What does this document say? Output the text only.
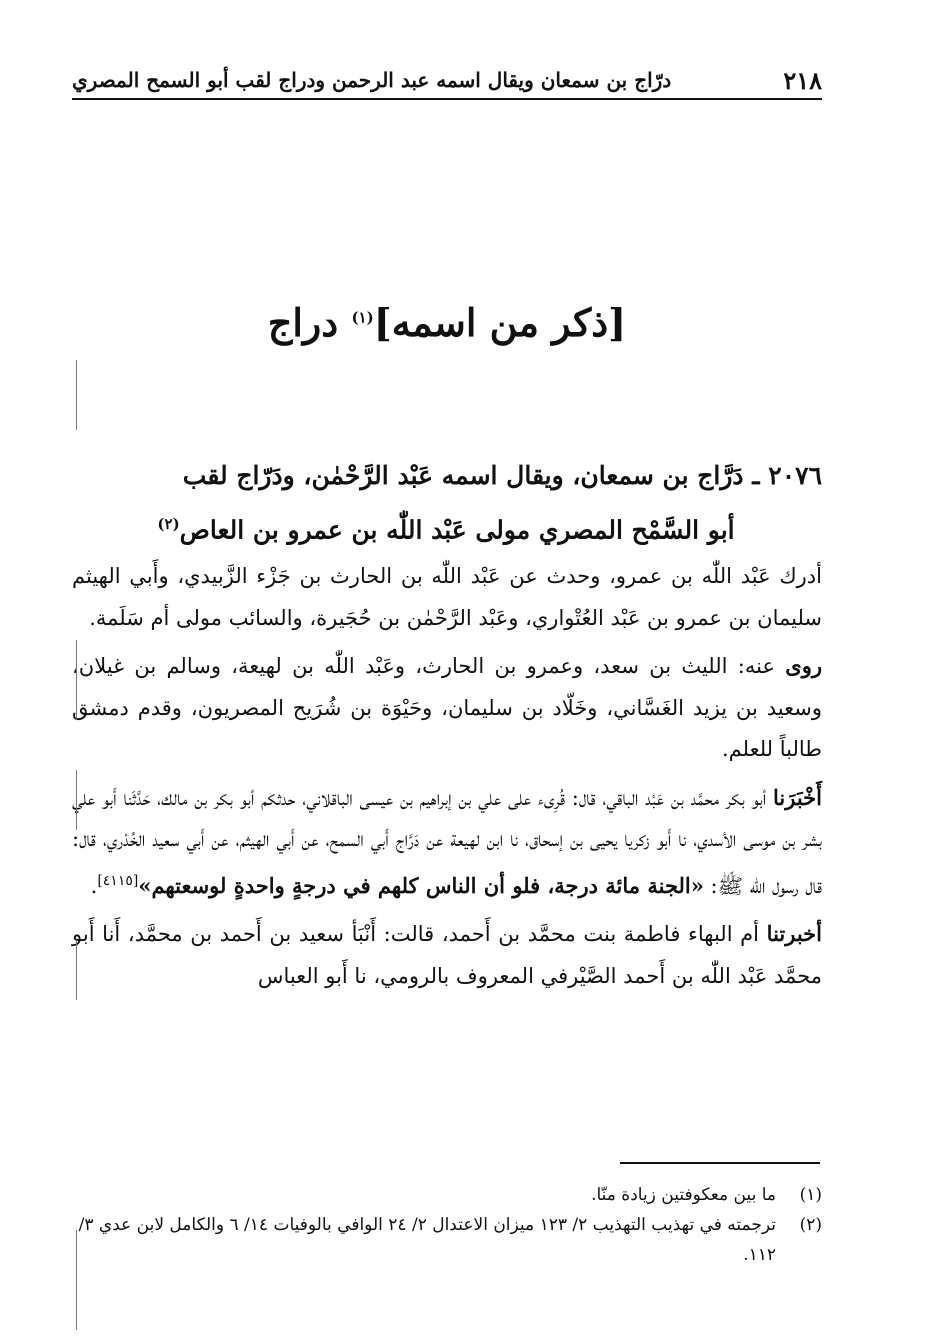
٢١٨
درّاج بن سمعان ويقال اسمه عبد الرحمن ودراج لقب أبو السمح المصري
[ذكر من اسمه]$^{(١)}$ دراج
٢٠٧٦ ـ دَرَّاج بن سمعان، ويقال اسمه عَبْد الرَّحْمٰن، ودَرّاج لقب
أبو السَّمْح المصري مولى عَبْد اللّٰه بن عمرو بن العاص$^{(٢)}$

أدرك عَبْد اللّٰه بن عمرو، وحدث عن عَبْد اللّٰه بن الحارث بن جَزْء الزَّبيدي، وأَبي الهيثم سليمان بن عمرو بن عَبْد العُتْواري، وعَبْد الرَّحْمٰن بن حُجَيرة، والسائب مولى أم سَلَمة.

روى عنه: الليث بن سعد، وعمرو بن الحارث، وعَبْد اللّٰه بن لهيعة، وسالم بن غيلان، وسعيد بن يزيد الغَسَّاني، وخَلّاد بن سليمان، وحَيْوَة بن شُرَيح المصريون، وقدم دمشق طالباً للعلم.

أَخْبَرَنا أبو بكر محمَّد بن عَبْد الباقي، قال: قُرِىء على علي بن إبراهيم بن عيسى الباقلاني، حدثكم أبو بكر بن مالك، حَدَّثَنا أَبو علي بشر بن موسى الأسدي، نا أَبو زكريا يحيى بن إسحاق، نا ابن لهيعة عن دَرَّاج أَبي السمح، عن أَبي الهيثم، عن أَبي سعيد الخُدْري، قال: قال رسول الله ﷺ: «الجنة مائة درجة، فلو أن الناس كلهم في درجةٍ واحدةٍ لوسعتهم»[٤١١٥].

أخبرتنا أم البهاء فاطمة بنت محمَّد بن أَحمد، قالت: أَنْبَأ سعيد بن أَحمد بن محمَّد، أَنا أَبو محمَّد عَبْد اللّٰه بن أَحمد الصَّيْرفي المعروف بالرومي، نا أَبو العباس

(١)
ما بين معكوفتين زيادة منّا.
(٢)
ترجمته في تهذيب التهذيب ٢/ ١٢٣ ميزان الاعتدال ٢/ ٢٤ الوافي بالوفيات ١٤/ ٦ والكامل لابن عدي ٣/ ١١٢.
